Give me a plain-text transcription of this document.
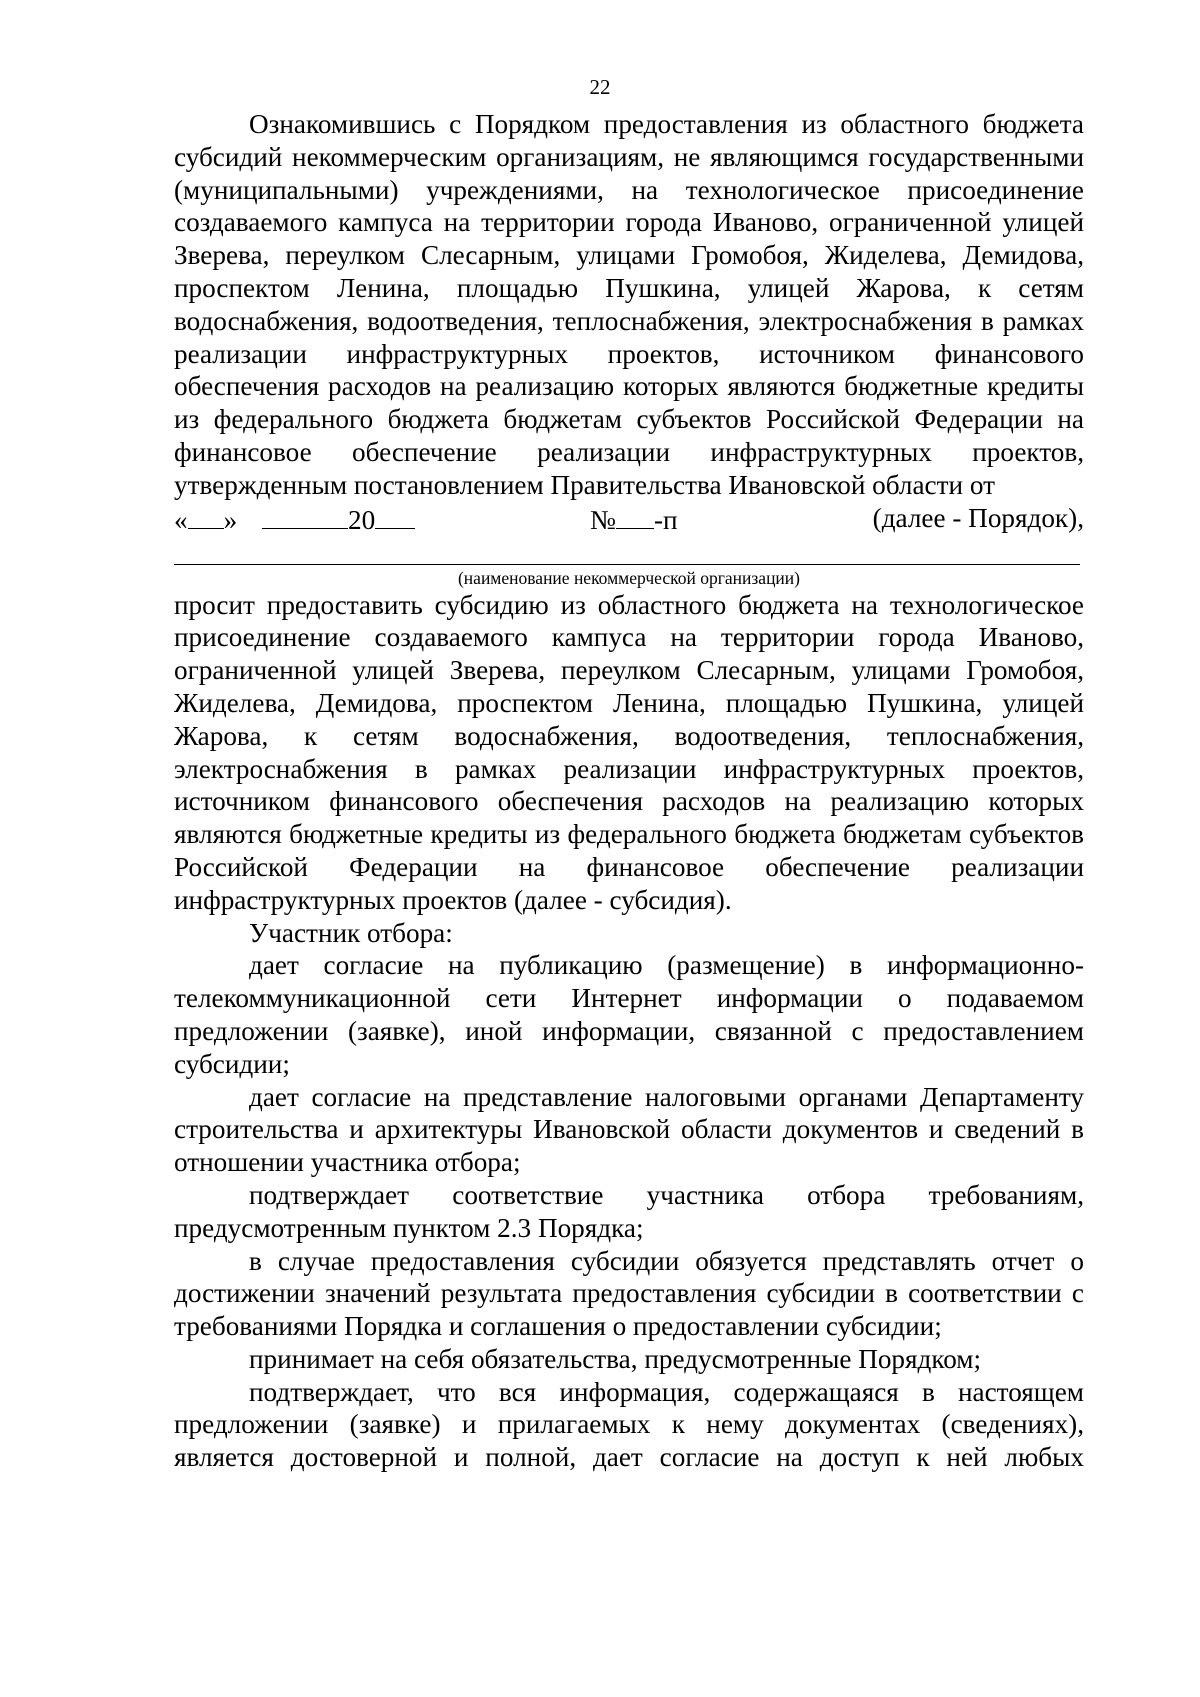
22

Ознакомившись с Порядком предоставления из областного бюджета субсидий некоммерческим организациям, не являющимся государственными (муниципальными) учреждениями, на технологическое присоединение создаваемого кампуса на территории города Иваново, ограниченной улицей Зверева, переулком Слесарным, улицами Громобоя, Жиделева, Демидова, проспектом Ленина, площадью Пушкина, улицей Жарова, к сетям водоснабжения, водоотведения, теплоснабжения, электроснабжения в рамках реализации инфраструктурных проектов, источником финансового обеспечения расходов на реализацию которых являются бюджетные кредиты из федерального бюджета бюджетам субъектов Российской Федерации на финансовое обеспечение реализации инфраструктурных проектов, утвержденным постановлением Правительства Ивановской области от

« »	20	№ -п	(далее - Порядок),

(наименование некоммерческой организации)

просит предоставить субсидию из областного бюджета на технологическое присоединение создаваемого кампуса на территории города Иваново, ограниченной улицей Зверева, переулком Слесарным, улицами Громобоя, Жиделева, Демидова, проспектом Ленина, площадью Пушкина, улицей Жарова, к сетям водоснабжения, водоотведения, теплоснабжения, электроснабжения в рамках реализации инфраструктурных проектов, источником финансового обеспечения расходов на реализацию которых являются бюджетные кредиты из федерального бюджета бюджетам субъектов Российской Федерации на финансовое обеспечение реализации инфраструктурных проектов (далее - субсидия).

Участник отбора:

дает согласие на публикацию (размещение) в информационно-телекоммуникационной сети Интернет информации о подаваемом предложении (заявке), иной информации, связанной с предоставлением субсидии;

дает согласие на представление налоговыми органами Департаменту строительства и архитектуры Ивановской области документов и сведений в отношении участника отбора;

подтверждает соответствие участника отбора требованиям, предусмотренным пунктом 2.3 Порядка;

в случае предоставления субсидии обязуется представлять отчет о достижении значений результата предоставления субсидии в соответствии с требованиями Порядка и соглашения о предоставлении субсидии;

принимает на себя обязательства, предусмотренные Порядком;

подтверждает, что вся информация, содержащаяся в настоящем предложении (заявке) и прилагаемых к нему документах (сведениях), является достоверной и полной, дает согласие на доступ к ней любых
